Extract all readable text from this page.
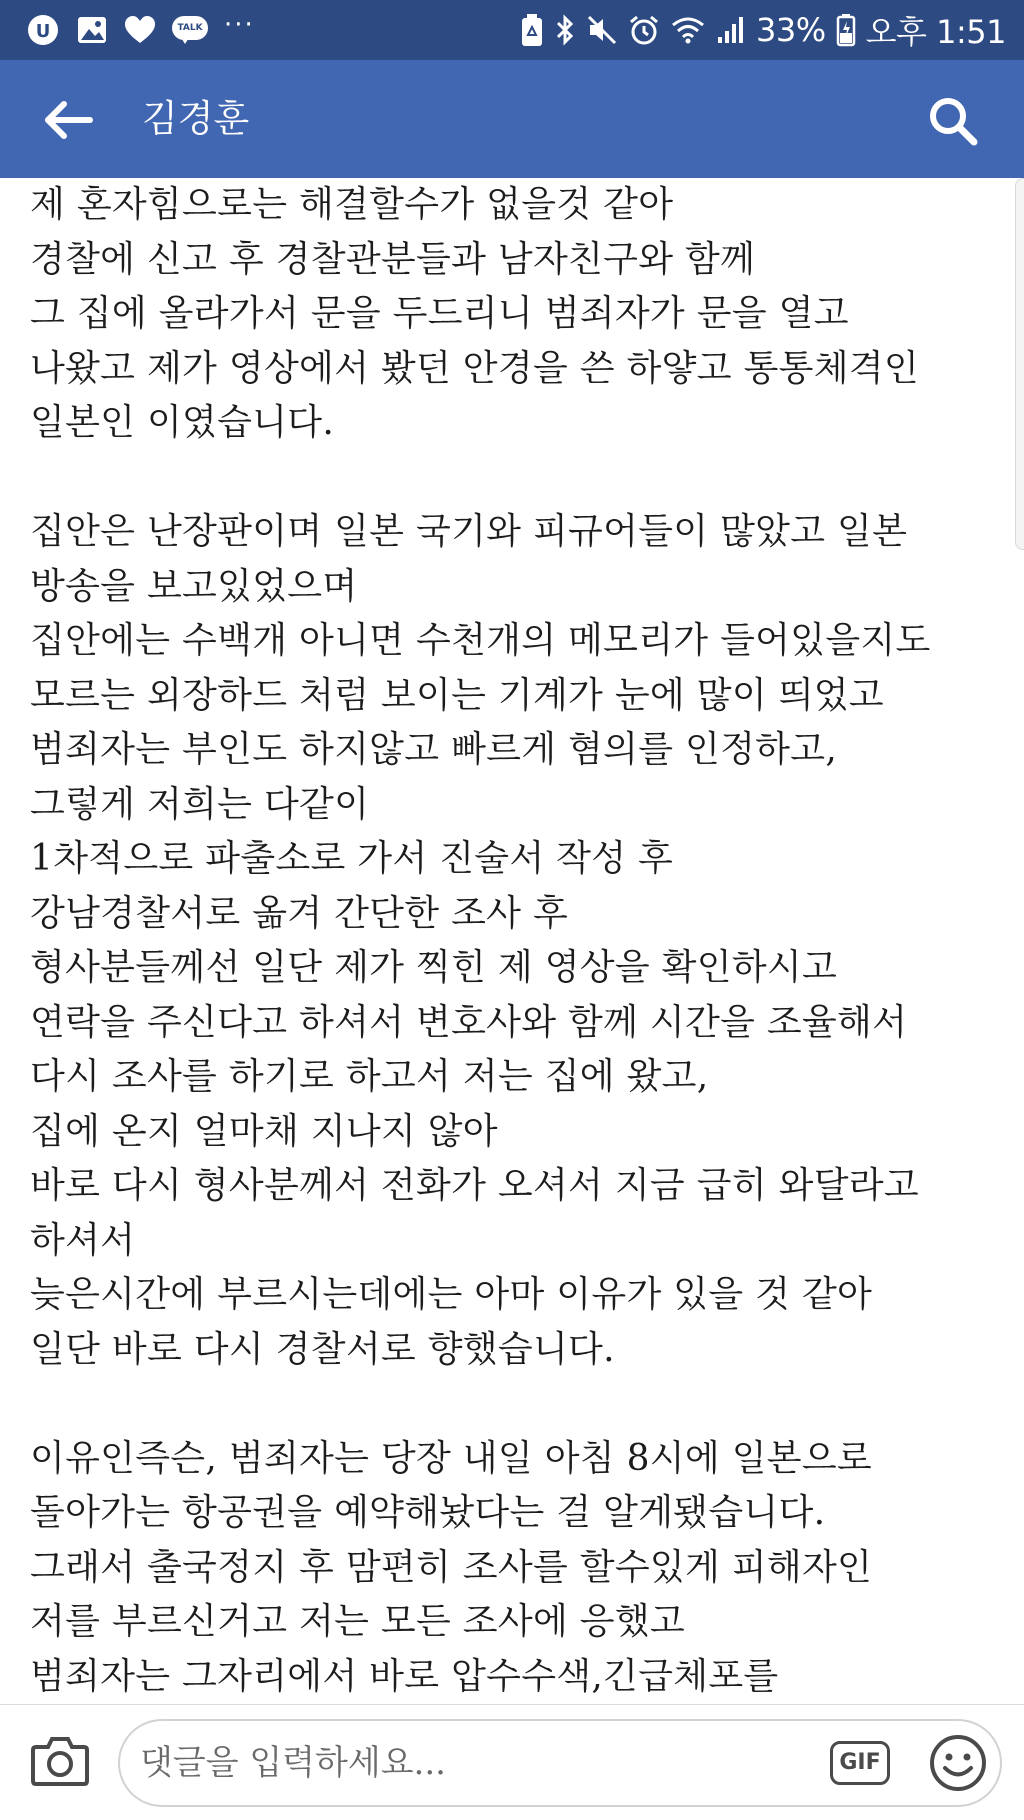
U	TALK ···	33% 오후 1:51
김경훈
제 혼자힘으로는 해결할수가 없을것 같아
경찰에 신고 후 경찰관분들과 남자친구와 함께
그 집에 올라가서 문을 두드리니 범죄자가 문을 열고
나왔고 제가 영상에서 봤던 안경을 쓴 하얗고 통통체격인
일본인 이였습니다.
집안은 난장판이며 일본 국기와 피규어들이 많았고 일본
방송을 보고있었으며
집안에는 수백개 아니면 수천개의 메모리가 들어있을지도
모르는 외장하드 처럼 보이는 기계가 눈에 많이 띄었고
범죄자는 부인도 하지않고 빠르게 혐의를 인정하고,
그렇게 저희는 다같이
1차적으로 파출소로 가서 진술서 작성 후
강남경찰서로 옮겨 간단한 조사 후
형사분들께선 일단 제가 찍힌 제 영상을 확인하시고
연락을 주신다고 하셔서 변호사와 함께 시간을 조율해서
다시 조사를 하기로 하고서 저는 집에 왔고,
집에 온지 얼마채 지나지 않아
바로 다시 형사분께서 전화가 오셔서 지금 급히 와달라고
하셔서
늦은시간에 부르시는데에는 아마 이유가 있을 것 같아
일단 바로 다시 경찰서로 향했습니다.
이유인즉슨, 범죄자는 당장 내일 아침 8시에 일본으로
돌아가는 항공권을 예약해놨다는 걸 알게됐습니다.
그래서 출국정지 후 맘편히 조사를 할수있게 피해자인
저를 부르신거고 저는 모든 조사에 응했고
범죄자는 그자리에서 바로 압수수색,긴급체포를
댓글을 입력하세요...
GIF
